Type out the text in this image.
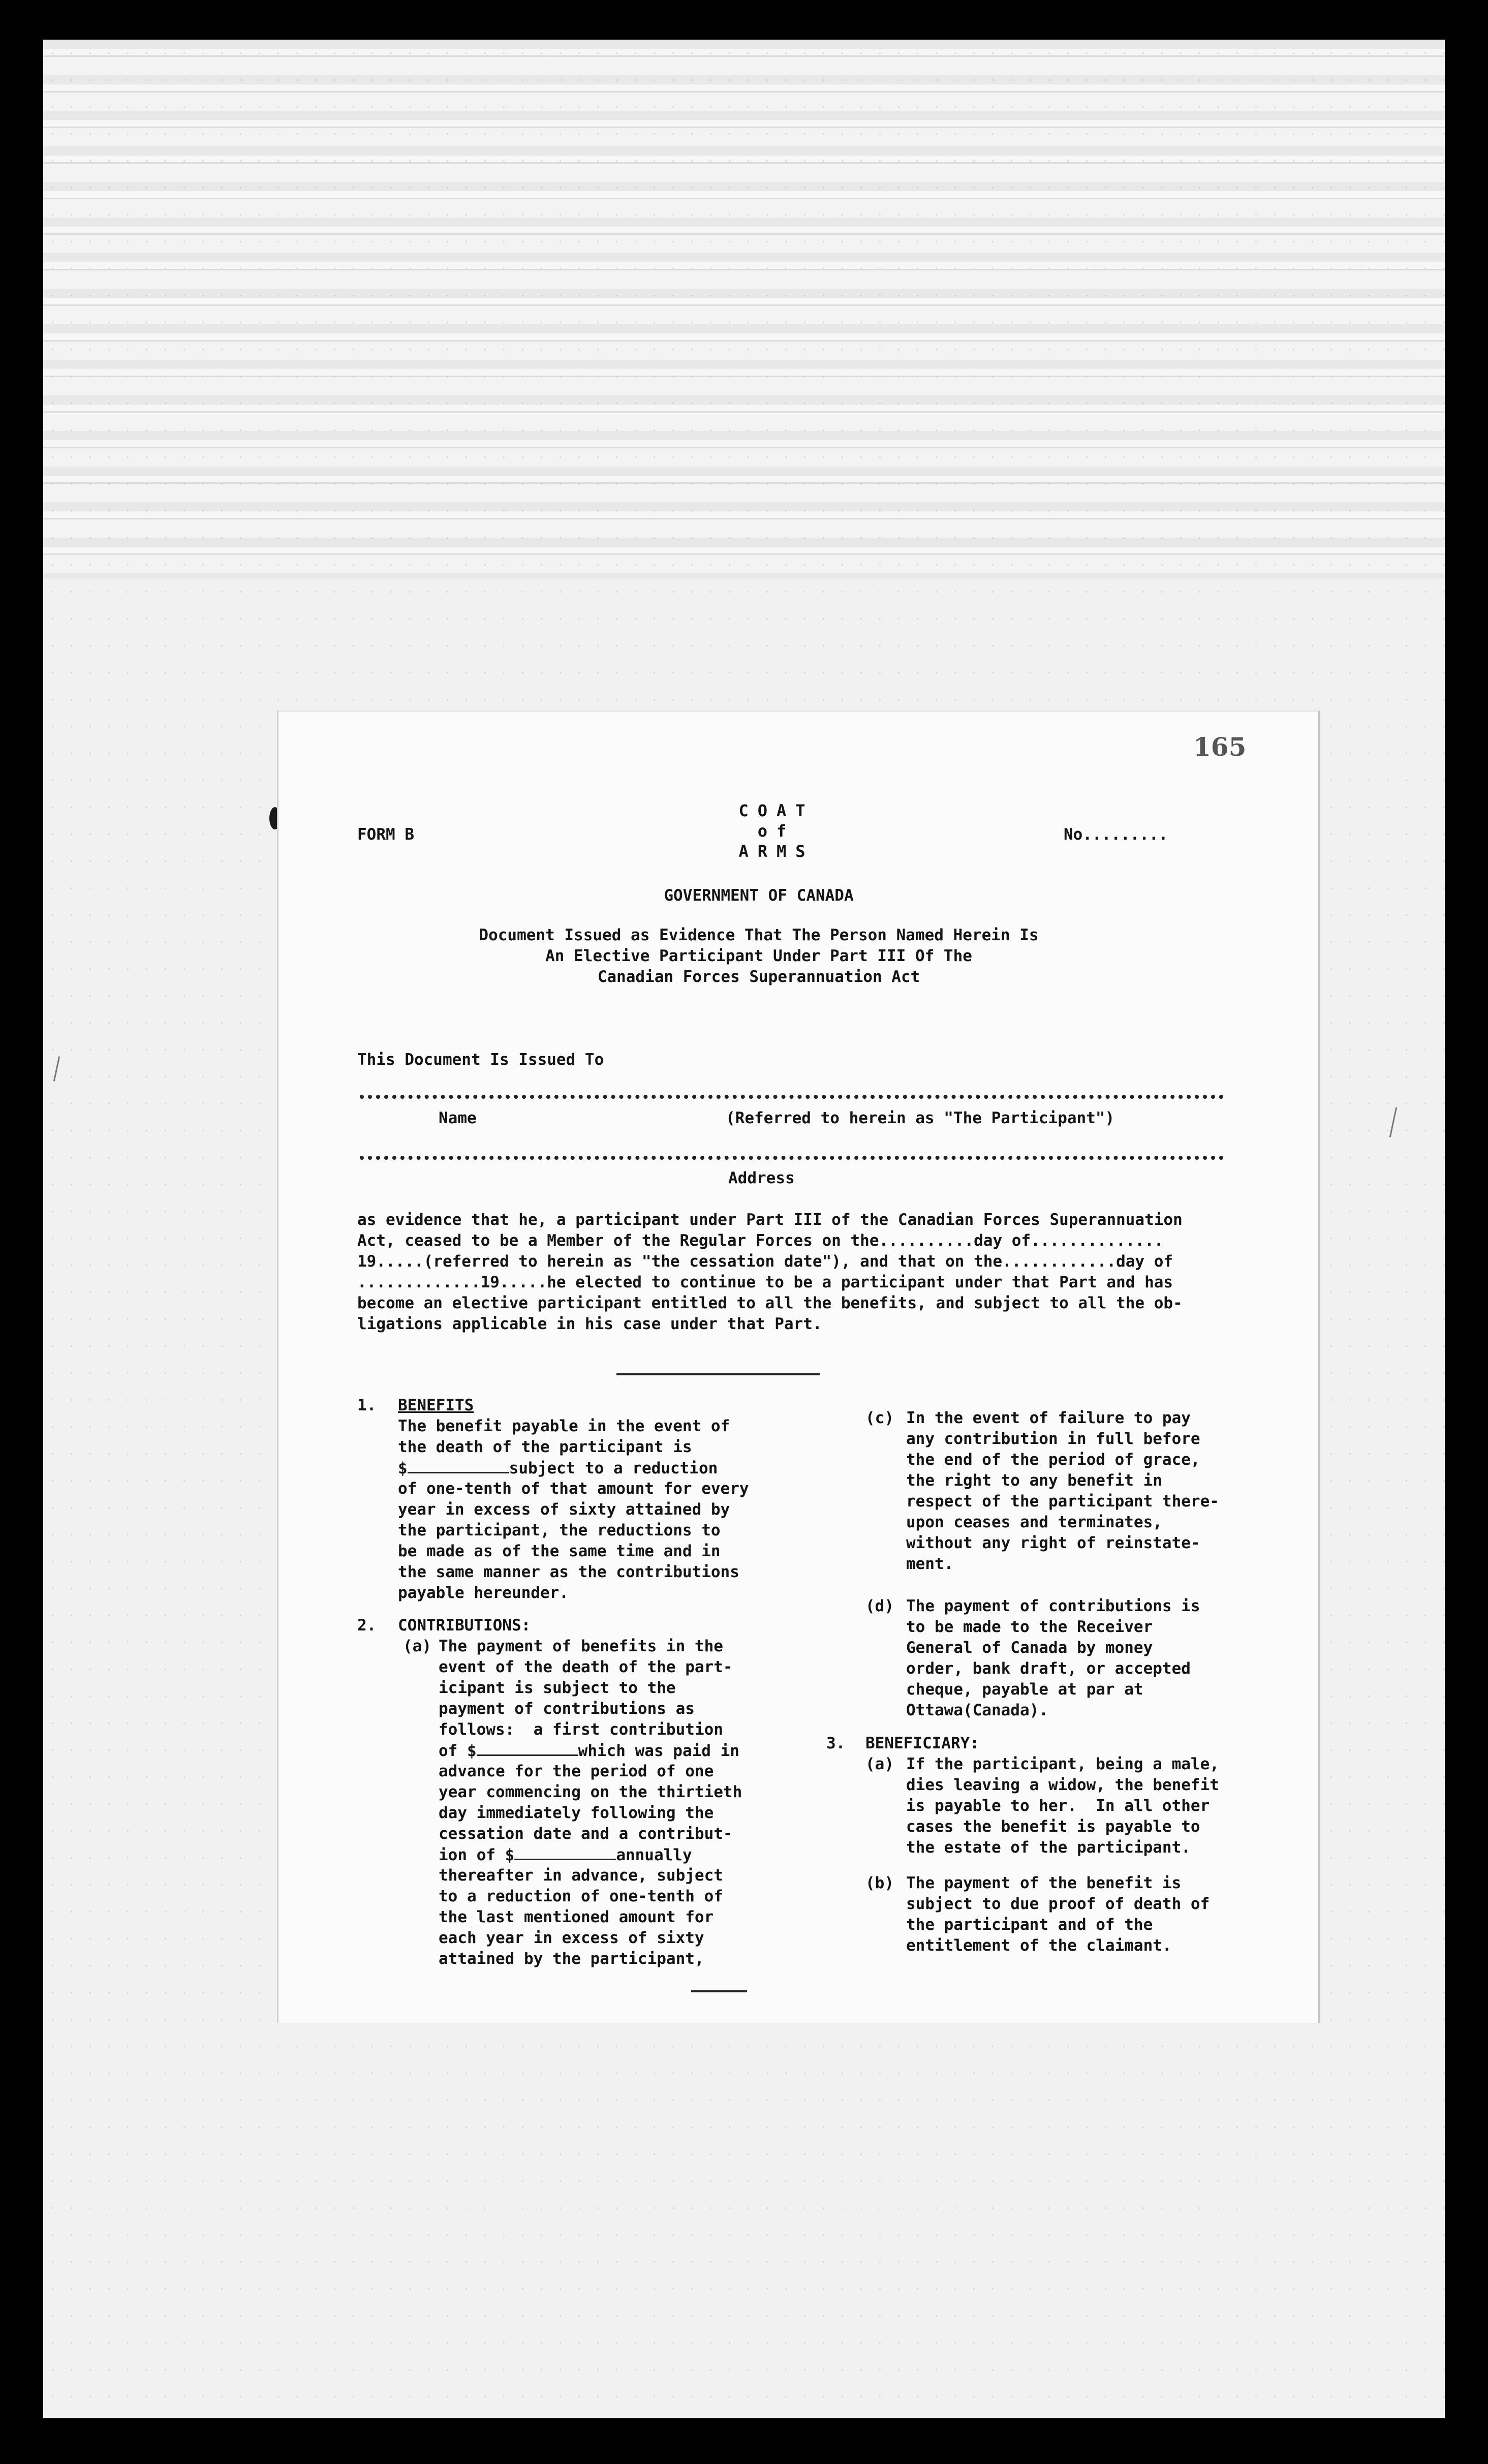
165
FORM B	No.........
COAT
of
ARMS
GOVERNMENT OF CANADA
Document Issued as Evidence That The Person Named Herein Is
An Elective Participant Under Part III Of The
Canadian Forces Superannuation Act
This Document Is Issued To
Name	(Referred to herein as "The Participant")
Address
as evidence that he, a participant under Part III of the Canadian Forces Superannuation
Act, ceased to be a Member of the Regular Forces on the..........day of..............
19.....(referred to herein as "the cessation date"), and that on the............day of
.............19.....he elected to continue to be a participant under that Part and has
become an elective participant entitled to all the benefits, and subject to all the ob-
ligations applicable in his case under that Part.
1. BENEFITS
The benefit payable in the event of
the death of the participant is
$	subject to a reduction
of one-tenth of that amount for every
year in excess of sixty attained by
the participant, the reductions to
be made as of the same time and in
the same manner as the contributions
payable hereunder.
2. CONTRIBUTIONS:
(a) The payment of benefits in the
event of the death of the part-
icipant is subject to the
payment of contributions as
follows:  a first contribution
of $	which was paid in
advance for the period of one
year commencing on the thirtieth
day immediately following the
cessation date and a contribut-
ion of $	annually
thereafter in advance, subject
to a reduction of one-tenth of
the last mentioned amount for
each year in excess of sixty
attained by the participant,
(c) In the event of failure to pay
any contribution in full before
the end of the period of grace,
the right to any benefit in
respect of the participant there-
upon ceases and terminates,
without any right of reinstate-
ment.
(d) The payment of contributions is
to be made to the Receiver
General of Canada by money
order, bank draft, or accepted
cheque, payable at par at
Ottawa(Canada).
3. BENEFICIARY:
(a) If the participant, being a male,
dies leaving a widow, the benefit
is payable to her.  In all other
cases the benefit is payable to
the estate of the participant.
(b) The payment of the benefit is
subject to due proof of death of
the participant and of the
entitlement of the claimant.
